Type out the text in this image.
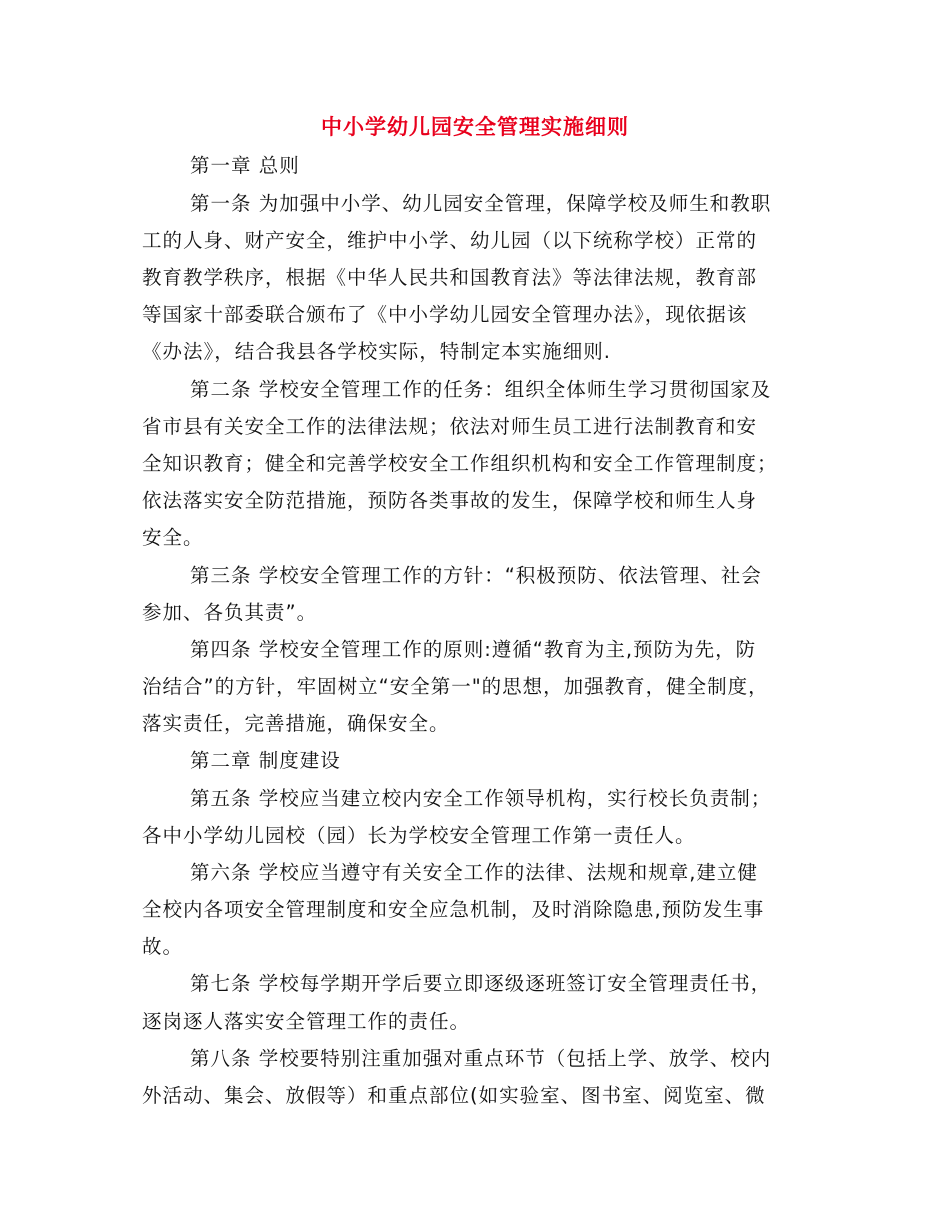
中小学幼儿园安全管理实施细则
第一章 总则
第一条 为加强中小学、幼儿园安全管理，保障学校及师生和教职
工的人身、财产安全，维护中小学、幼儿园（以下统称学校）正常的
教育教学秩序，根据《中华人民共和国教育法》等法律法规，教育部
等国家十部委联合颁布了《中小学幼儿园安全管理办法》，现依据该
《办法》，结合我县各学校实际，特制定本实施细则.
第二条 学校安全管理工作的任务：组织全体师生学习贯彻国家及
省市县有关安全工作的法律法规；依法对师生员工进行法制教育和安
全知识教育；健全和完善学校安全工作组织机构和安全工作管理制度；
依法落实安全防范措施，预防各类事故的发生，保障学校和师生人身
安全。
第三条 学校安全管理工作的方针：“积极预防、依法管理、社会
参加、各负其责”。
第四条 学校安全管理工作的原则:遵循“教育为主,预防为先，防
治结合”的方针，牢固树立“安全第一"的思想，加强教育，健全制度，
落实责任，完善措施，确保安全。
第二章 制度建设
第五条 学校应当建立校内安全工作领导机构，实行校长负责制；
各中小学幼儿园校（园）长为学校安全管理工作第一责任人。
第六条 学校应当遵守有关安全工作的法律、法规和规章,建立健
全校内各项安全管理制度和安全应急机制，及时消除隐患,预防发生事
故。
第七条 学校每学期开学后要立即逐级逐班签订安全管理责任书，
逐岗逐人落实安全管理工作的责任。
第八条 学校要特别注重加强对重点环节（包括上学、放学、校内
外活动、集会、放假等）和重点部位(如实验室、图书室、阅览室、微
